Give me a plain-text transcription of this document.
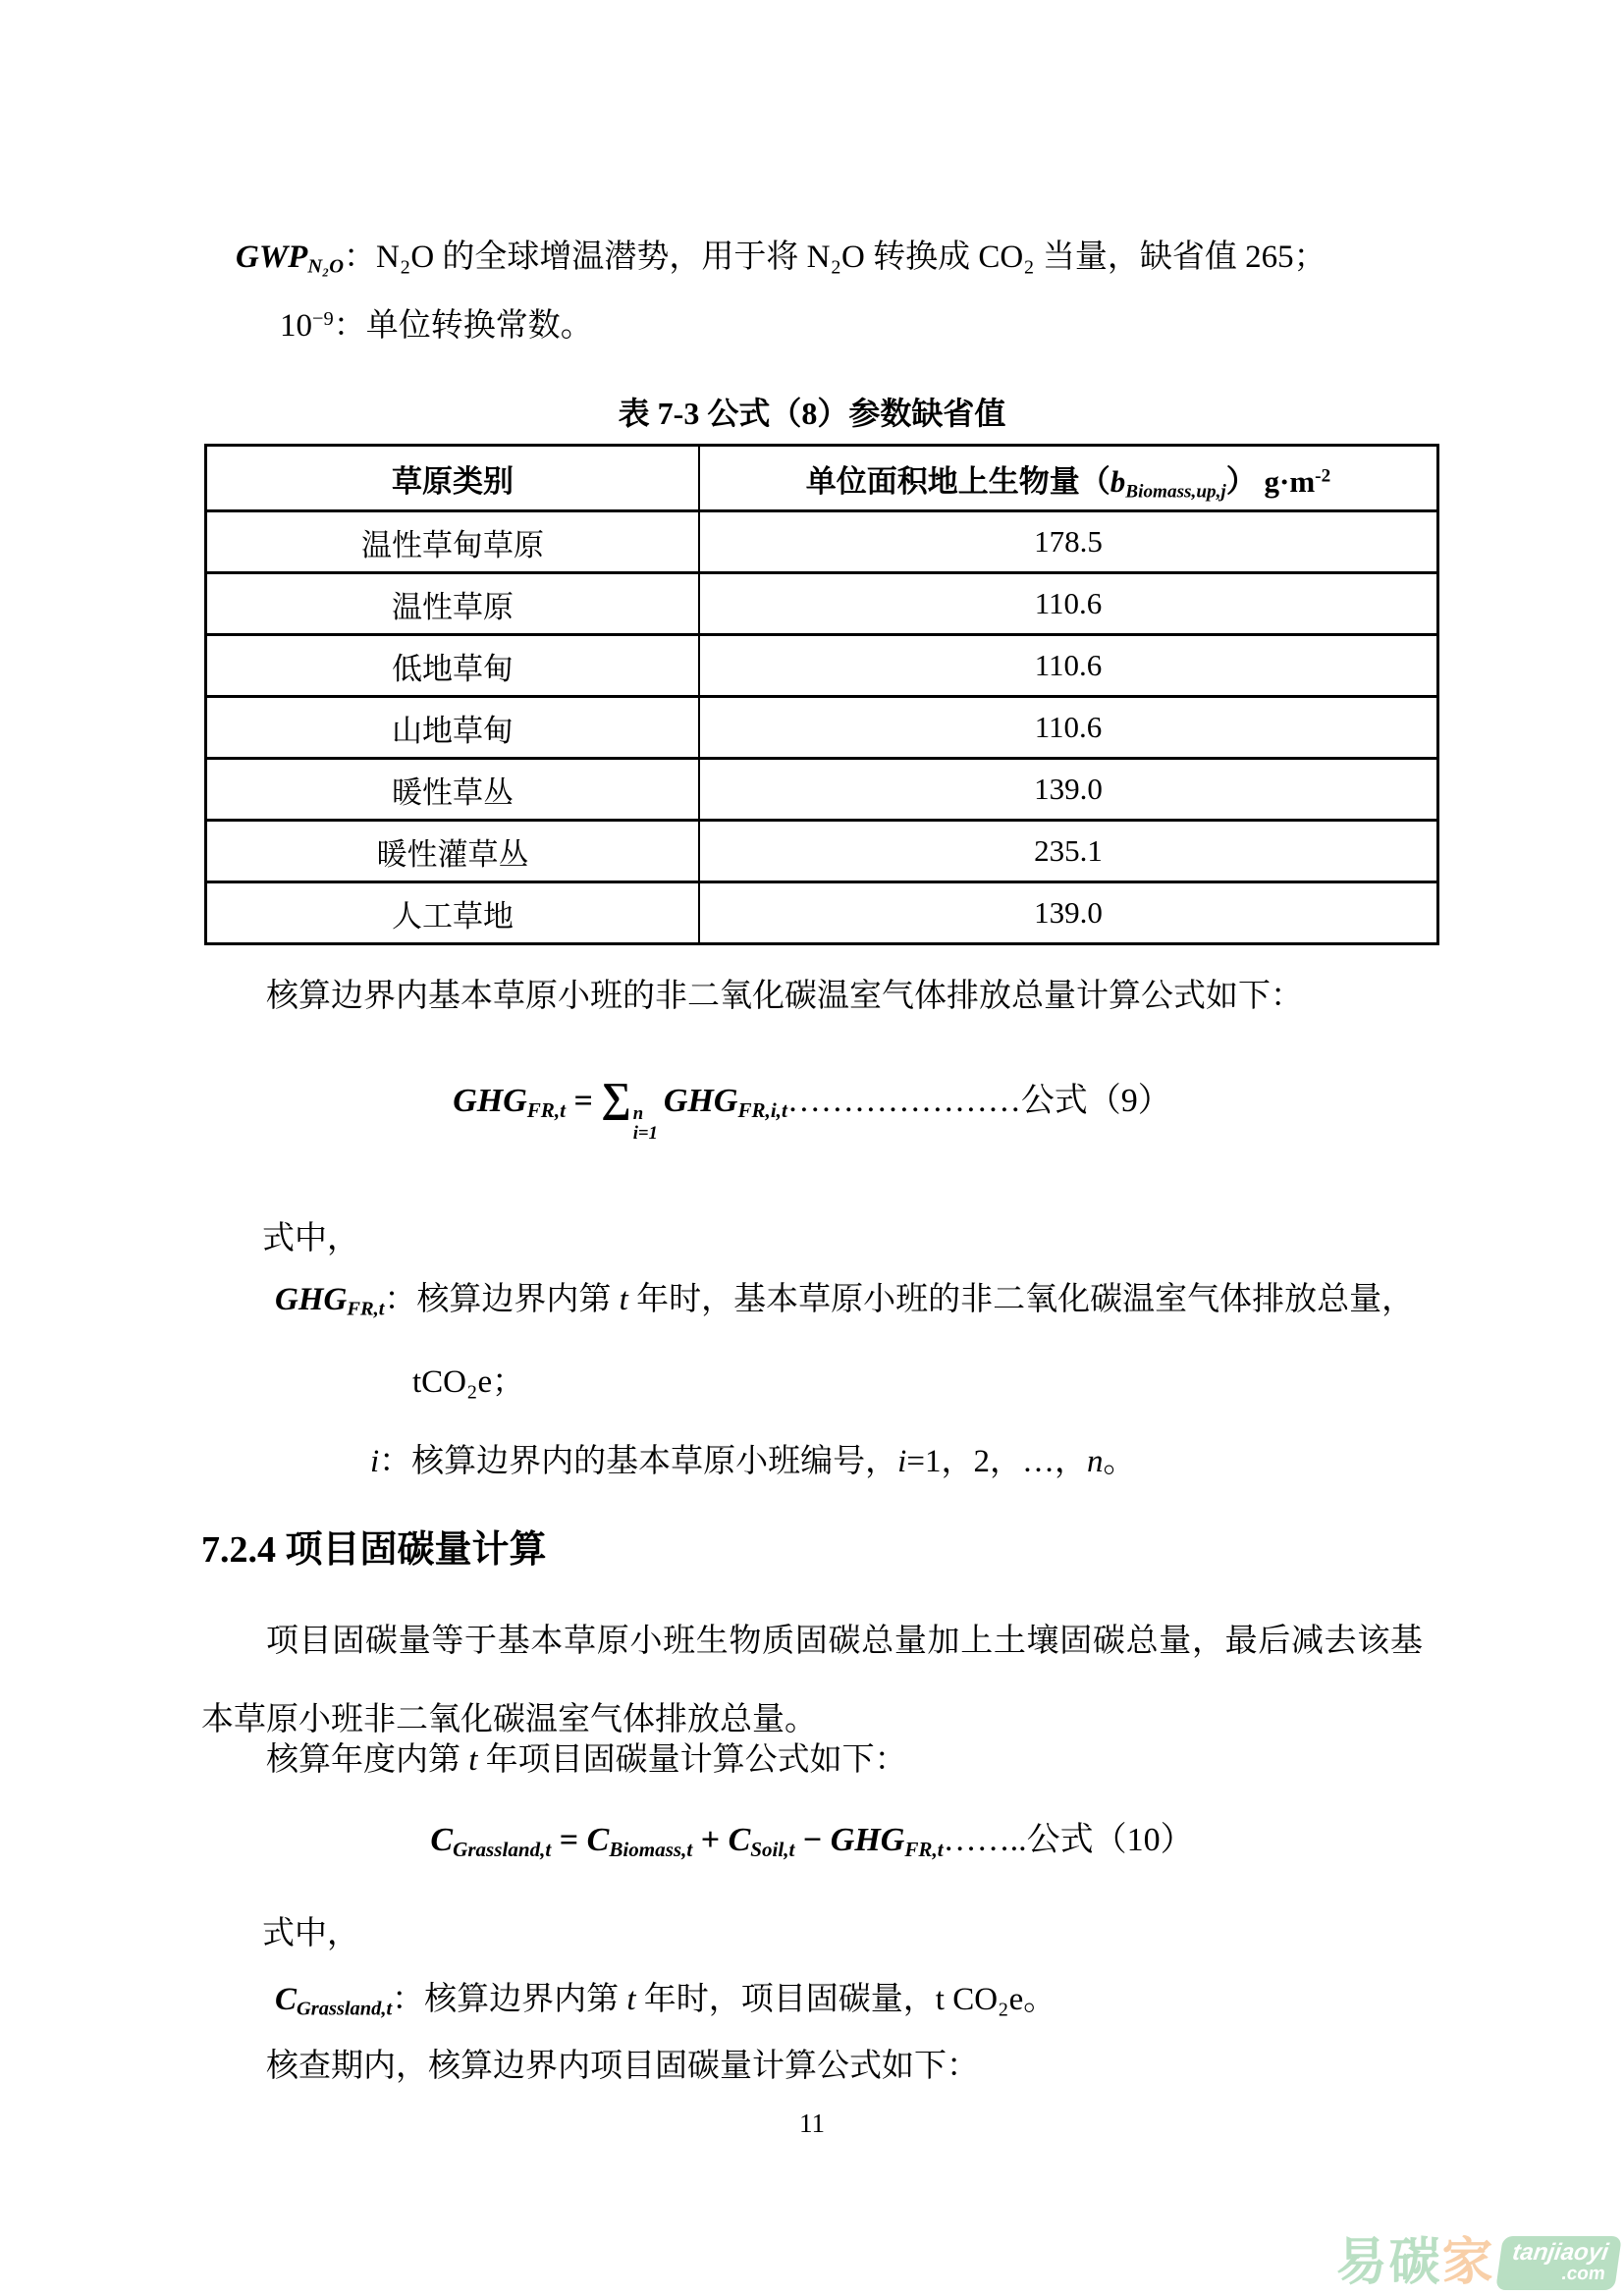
$GWP_{N_2O}$：N₂O 的全球增温潜势，用于将 N₂O 转换成 CO₂ 当量，缺省值 265；
$10^{-9}$：单位转换常数。
表 7-3 公式（8）参数缺省值
草原类别	单位面积地上生物量$(b_{Biomass,up,j})$ $g\cdot m^{-2}$
温性草甸草原	178.5
温性草原	110.6
低地草甸	110.6
山地草甸	110.6
暖性草丛	139.0
暖性灌草丛	235.1
人工草地	139.0
核算边界内基本草原小班的非二氧化碳温室气体排放总量计算公式如下：
$GHG_{FR,t}$ = ∑ n
i=1
$GHG_{FR,i,t}\dots\dots\dots\dots\dots\dots\dots$公式（9）
式中，
$GHG_{FR,t}$：核算边界内第 t 年时，基本草原小班的非二氧化碳温室气体排放总量，
tCO₂e；
i：核算边界内的基本草原小班编号，i=1，2，…，n。
7.2.4 项目固碳量计算
项目固碳量等于基本草原小班生物质固碳总量加上土壤固碳总量，最后减去该基本草原小班非二氧化碳温室气体排放总量。
核算年度内第 t 年项目固碳量计算公式如下：
$C_{Grassland,t} = C_{Biomass,t} + C_{Soil,t}$ − $GHG_{FR,t}\dots\dots$..公式（10）
式中，
$C_{Grassland,t}$：核算边界内第 t 年时，项目固碳量，t CO₂e。
核查期内，核算边界内项目固碳量计算公式如下：
11
易碳 家 tanjiaoyi
.com
